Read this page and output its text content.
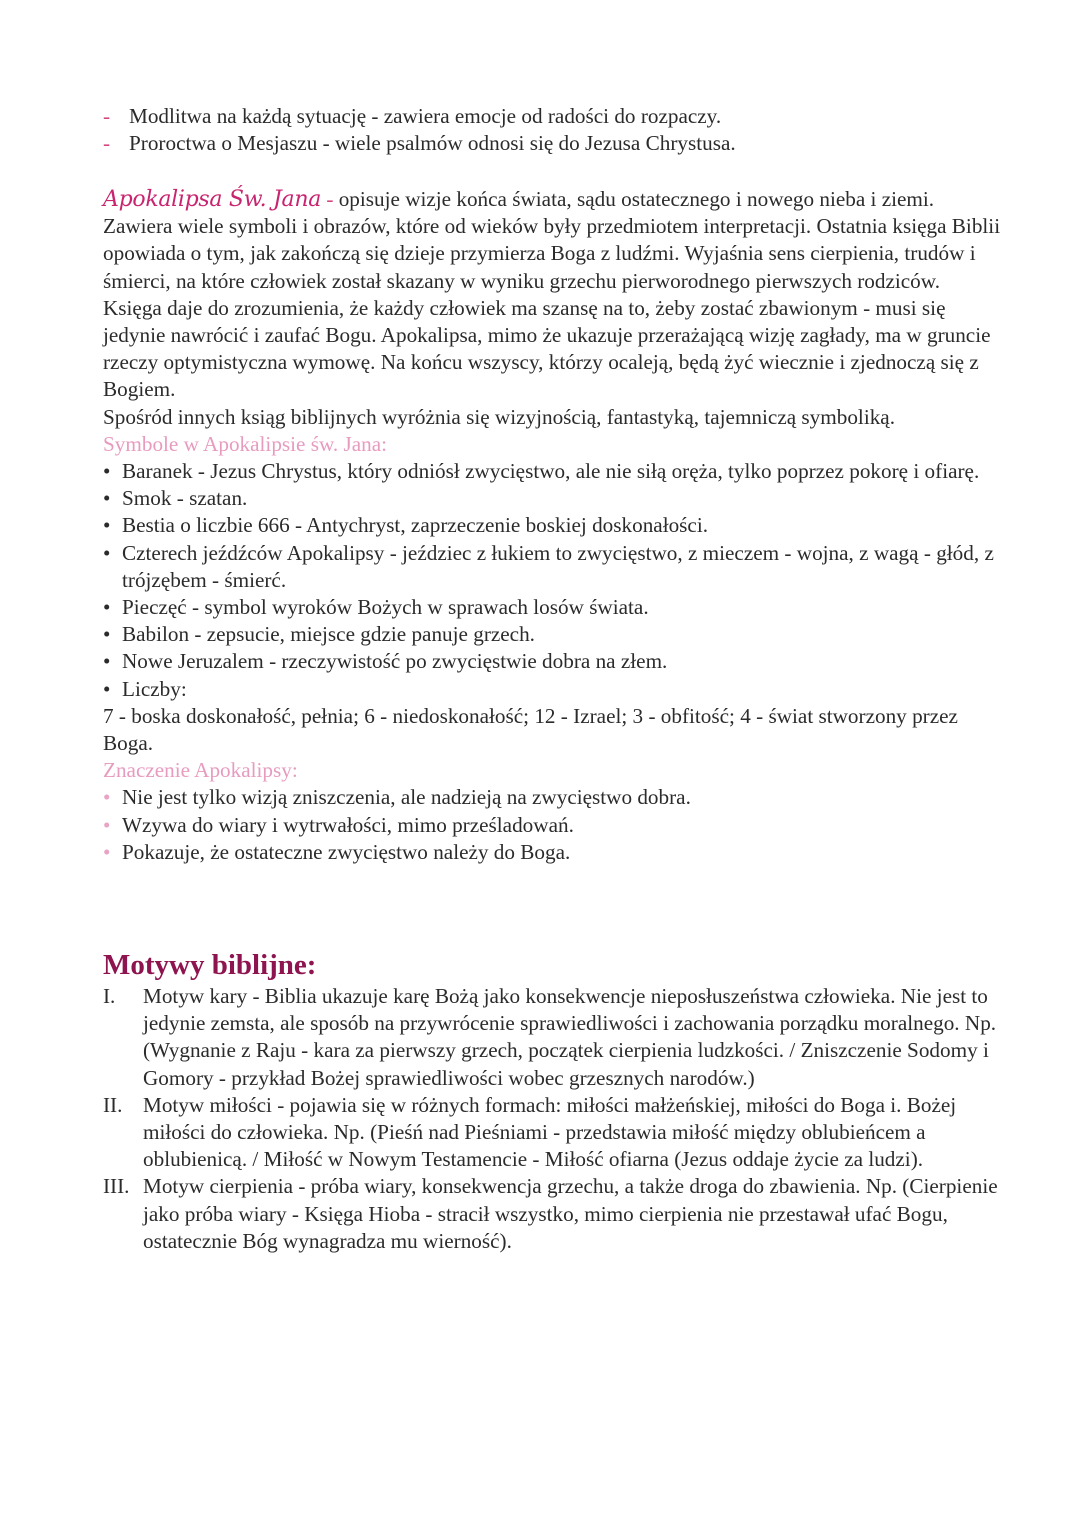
- Modlitwa na każdą sytuację - zawiera emocje od radości do rozpaczy.
- Proroctwa o Mesjaszu - wiele psalmów odnosi się do Jezusa Chrystusa.
Apokalipsa Św. Jana - opisuje wizje końca świata, sądu ostatecznego i nowego nieba i ziemi. Zawiera wiele symboli i obrazów, które od wieków były przedmiotem interpretacji. Ostatnia księga Biblii opowiada o tym, jak zakończą się dzieje przymierza Boga z ludźmi. Wyjaśnia sens cierpienia, trudów i śmierci, na które człowiek został skazany w wyniku grzechu pierworodnego pierwszych rodziców. Księga daje do zrozumienia, że każdy człowiek ma szansę na to, żeby zostać zbawionym - musi się jedynie nawrócić i zaufać Bogu. Apokalipsa, mimo że ukazuje przerażającą wizję zagłady, ma w gruncie rzeczy optymistyczna wymowę. Na końcu wszyscy, którzy ocaleją, będą żyć wiecznie i zjednoczą się z Bogiem.
Spośród innych ksiąg biblijnych wyróżnia się wizyjnością, fantastyką, tajemniczą symboliką.
Symbole w Apokalipsie św. Jana:
• Baranek - Jezus Chrystus, który odniósł zwycięstwo, ale nie siłą oręża, tylko poprzez pokorę i ofiarę.
• Smok - szatan.
• Bestia o liczbie 666 - Antychryst, zaprzeczenie boskiej doskonałości.
• Czterech jeźdźców Apokalipsy - jeździec z łukiem to zwycięstwo, z mieczem - wojna, z wagą - głód, z trójzębem - śmierć.
• Pieczęć - symbol wyroków Bożych w sprawach losów świata.
• Babilon - zepsucie, miejsce gdzie panuje grzech.
• Nowe Jeruzalem - rzeczywistość po zwycięstwie dobra na złem.
• Liczby:
7 - boska doskonałość, pełnia; 6 - niedoskonałość; 12 - Izrael; 3 - obfitość; 4 - świat stworzony przez Boga.
Znaczenie Apokalipsy:
• Nie jest tylko wizją zniszczenia, ale nadzieją na zwycięstwo dobra.
• Wzywa do wiary i wytrwałości, mimo prześladowań.
• Pokazuje, że ostateczne zwycięstwo należy do Boga.
Motywy biblijne:
I.	Motyw kary - Biblia ukazuje karę Bożą jako konsekwencje nieposłuszeństwa człowieka. Nie jest to jedynie zemsta, ale sposób na przywrócenie sprawiedliwości i zachowania porządku moralnego. Np. (Wygnanie z Raju - kara za pierwszy grzech, początek cierpienia ludzkości. / Zniszczenie Sodomy i Gomory - przykład Bożej sprawiedliwości wobec grzesznych narodów.)
II. Motyw miłości - pojawia się w różnych formach: miłości małżeńskiej, miłości do Boga i. Bożej miłości do człowieka. Np. (Pieśń nad Pieśniami - przedstawia miłość między oblubieńcem a oblubienicą. / Miłość w Nowym Testamencie - Miłość ofiarna (Jezus oddaje życie za ludzi).
III. Motyw cierpienia - próba wiary, konsekwencja grzechu, a także droga do zbawienia. Np. (Cierpienie jako próba wiary - Księga Hioba - stracił wszystko, mimo cierpienia nie przestawał ufać Bogu, ostatecznie Bóg wynagradza mu wierność).
